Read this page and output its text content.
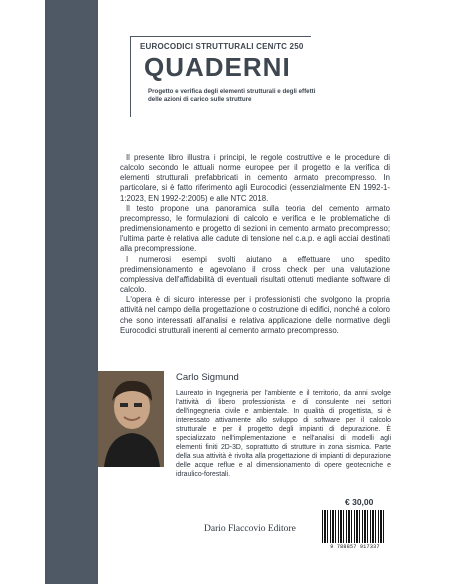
EUROCODICI STRUTTURALI CEN/TC 250
QUADERNI
Progetto e verifica degli elementi strutturali e degli effetti delle azioni di carico sulle strutture

Il presente libro illustra i principi, le regole costruttive e le procedure di calcolo secondo le attuali norme europee per il progetto e la verifica di elementi strutturali prefabbricati in cemento armato precompresso. In particolare, si è fatto riferimento agli Eurocodici (essenzialmente EN 1992-1-1:2023, EN 1992-2:2005) e alle NTC 2018.

Il testo propone una panoramica sulla teoria del cemento armato precompresso, le formulazioni di calcolo e verifica e le problematiche di predimensionamento e progetto di sezioni in cemento armato precompresso; l'ultima parte è relativa alle cadute di tensione nel c.a.p. e agli acciai destinati alla precompressione.

I numerosi esempi svolti aiutano a effettuare uno spedito predimensionamento e agevolano il cross check per una valutazione complessiva dell'affidabilità di eventuali risultati ottenuti mediante software di calcolo.

L'opera è di sicuro interesse per i professionisti che svolgono la propria attività nel campo della progettazione o costruzione di edifici, nonché a coloro che sono interessati all'analisi e relativa applicazione delle normative degli Eurocodici strutturali inerenti al cemento armato precompresso.

Carlo Sigmund
Laureato in Ingegneria per l'ambiente e il territorio, da anni svolge l'attività di libero professionista e di consulente nei settori dell'ingegneria civile e ambientale. In qualità di progettista, si è interessato attivamente allo sviluppo di software per il calcolo strutturale e per il progetto degli impianti di depurazione. È specializzato nell'implementazione e nell'analisi di modelli agli elementi finiti 2D-3D, soprattutto di strutture in zona sismica. Parte della sua attività è rivolta alla progettazione di impianti di depurazione delle acque reflue e al dimensionamento di opere geotecniche e idraulico-forestali.
€ 30,00
Dario Flaccovio Editore
9 788857 917337
